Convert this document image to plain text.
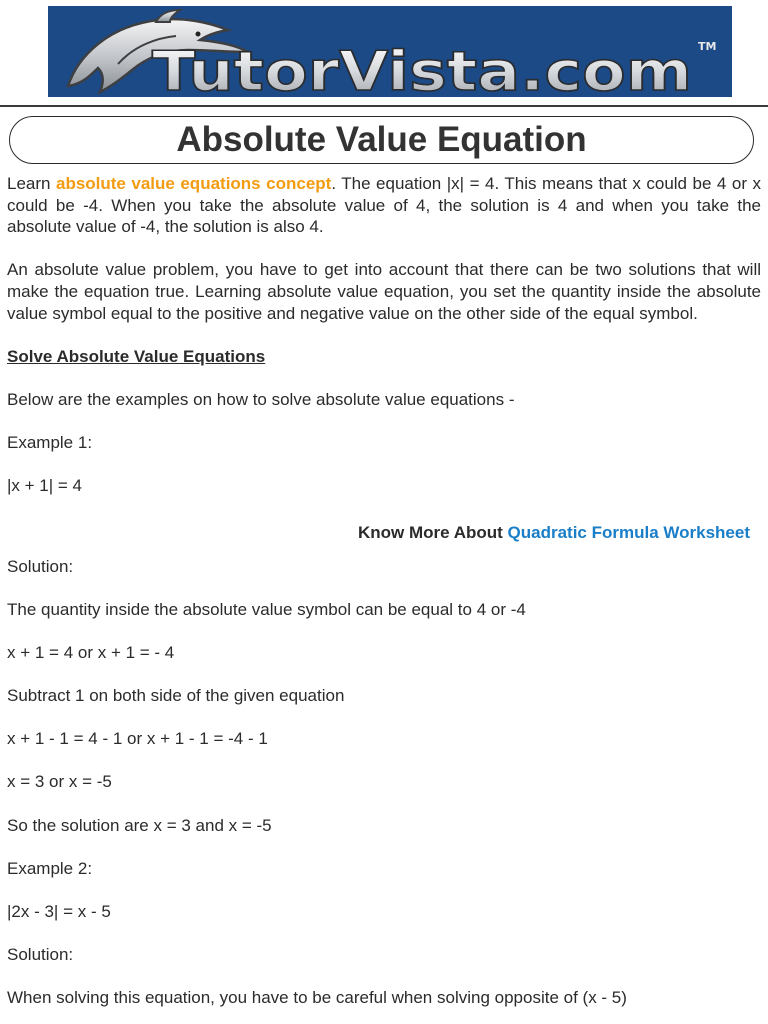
TutorVista.com TM
Absolute Value Equation

Learn absolute value equations concept. The equation |x| = 4. This means that x could be 4 or x could be -4. When you take the absolute value of 4, the solution is 4 and when you take the absolute value of -4, the solution is also 4.

An absolute value problem, you have to get into account that there can be two solutions that will make the equation true. Learning absolute value equation, you set the quantity inside the absolute value symbol equal to the positive and negative value on the other side of the equal symbol.

Solve Absolute Value Equations

Below are the examples on how to solve absolute value equations -

Example 1:

|x + 1| = 4

Know More About Quadratic Formula Worksheet

Solution:

The quantity inside the absolute value symbol can be equal to 4 or -4

x + 1 = 4 or x + 1 = - 4

Subtract 1 on both side of the given equation

x + 1 - 1 = 4 - 1 or x + 1 - 1 = -4 - 1

x = 3 or x = -5

So the solution are x = 3 and x = -5

Example 2:

|2x - 3| = x - 5

Solution:

When solving this equation, you have to be careful when solving opposite of (x - 5)
